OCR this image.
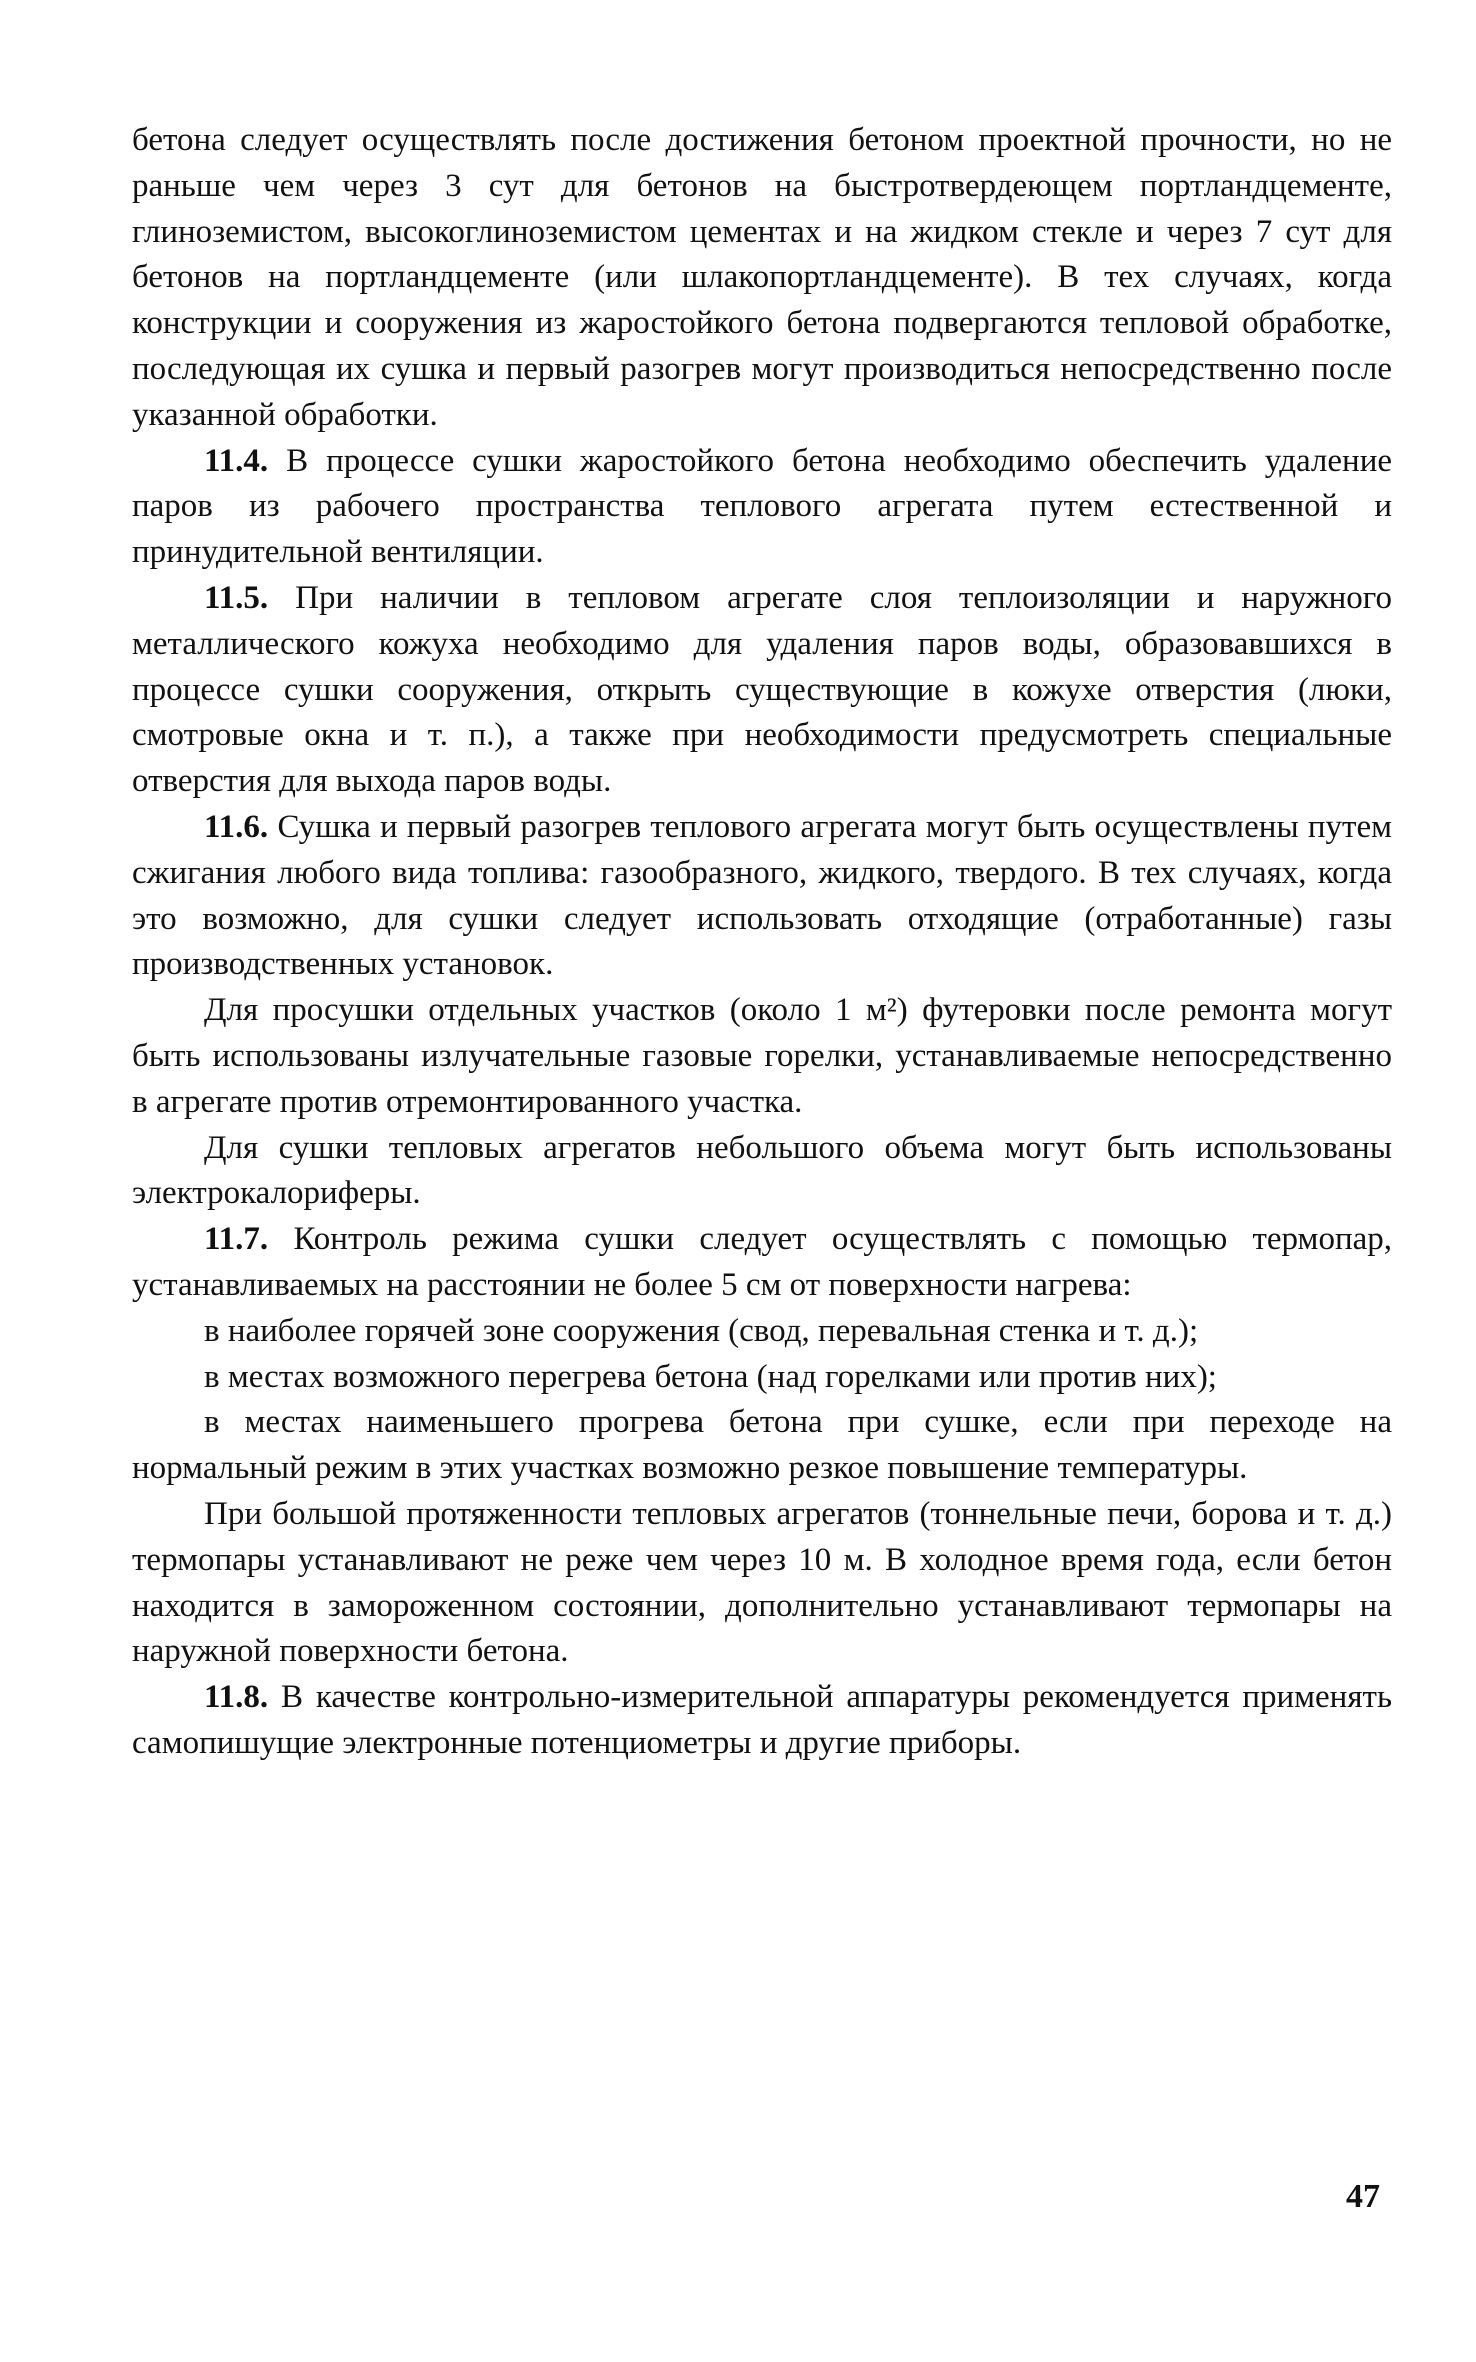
бетона следует осуществлять после достижения бетоном проектной прочности, но не раньше чем через 3 сут для бетонов на быстротвердеющем портландцементе, глиноземистом, высокоглиноземистом цементах и на жидком стекле и через 7 сут для бетонов на портландцементе (или шлакопортландцементе). В тех случаях, когда конструкции и сооружения из жаростойкого бетона подвергаются тепловой обработке, последующая их сушка и первый разогрев могут производиться непосредственно после указанной обработки.

11.4. В процессе сушки жаростойкого бетона необходимо обеспечить удаление паров из рабочего пространства теплового агрегата путем естественной и принудительной вентиляции.

11.5. При наличии в тепловом агрегате слоя теплоизоляции и наружного металлического кожуха необходимо для удаления паров воды, образовавшихся в процессе сушки сооружения, открыть существующие в кожухе отверстия (люки, смотровые окна и т. п.), а также при необходимости предусмотреть специальные отверстия для выхода паров воды.

11.6. Сушка и первый разогрев теплового агрегата могут быть осуществлены путем сжигания любого вида топлива: газообразного, жидкого, твердого. В тех случаях, когда это возможно, для сушки следует использовать отходящие (отработанные) газы производственных установок.

Для просушки отдельных участков (около 1 м²) футеровки после ремонта могут быть использованы излучательные газовые горелки, устанавливаемые непосредственно в агрегате против отремонтированного участка.

Для сушки тепловых агрегатов небольшого объема могут быть использованы электрокалориферы.

11.7. Контроль режима сушки следует осуществлять с помощью термопар, устанавливаемых на расстоянии не более 5 см от поверхности нагрева:

в наиболее горячей зоне сооружения (свод, перевальная стенка и т. д.);

в местах возможного перегрева бетона (над горелками или против них);

в местах наименьшего прогрева бетона при сушке, если при переходе на нормальный режим в этих участках возможно резкое повышение температуры.

При большой протяженности тепловых агрегатов (тоннельные печи, борова и т. д.) термопары устанавливают не реже чем через 10 м. В холодное время года, если бетон находится в замороженном состоянии, дополнительно устанавливают термопары на наружной поверхности бетона.

11.8. В качестве контрольно-измерительной аппаратуры рекомендуется применять самопишущие электронные потенциометры и другие приборы.

47
